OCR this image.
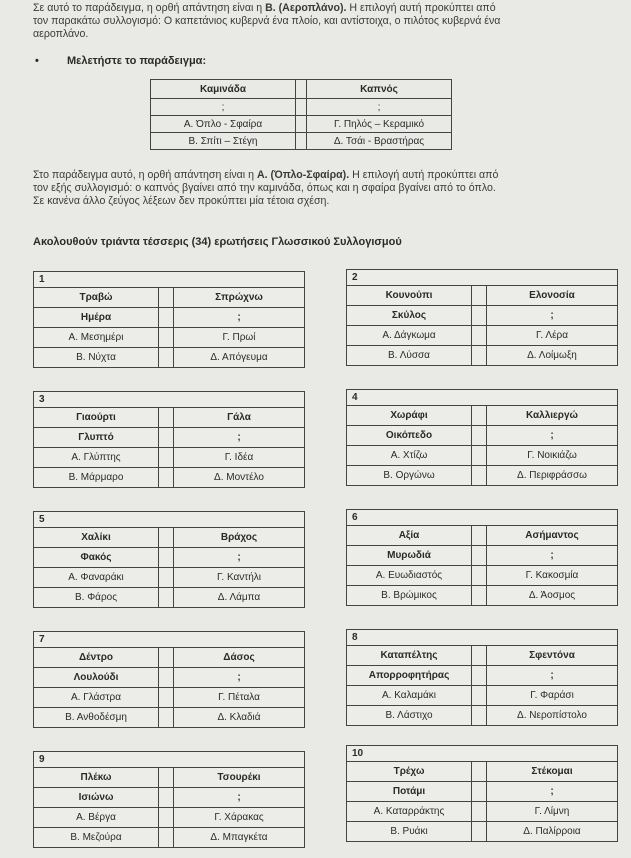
Σε αυτό το παράδειγμα, η ορθή απάντηση είναι η Β. (Αεροπλάνο). Η επιλογή αυτή προκύπτει από
τον παρακάτω συλλογισμό: Ο καπετάνιος κυβερνά ένα πλοίο, και αντίστοιχα, ο πιλότος κυβερνά ένα
αεροπλάνο.
•	Μελετήστε το παράδειγμα:
Καμινάδα		Καπνός
;		;
Α. Όπλο - Σφαίρα		Γ. Πηλός – Κεραμικό
Β. Σπίτι – Στέγη		Δ. Τσάι - Βραστήρας
Στο παράδειγμα αυτό, η ορθή απάντηση είναι η Α. (Όπλο-Σφαίρα). Η επιλογή αυτή προκύπτει από
τον εξής συλλογισμό: ο καπνός βγαίνει από την καμινάδα, όπως και η σφαίρα βγαίνει από το όπλο.
Σε κανένα άλλο ζεύγος λέξεων δεν προκύπτει μία τέτοια σχέση.
Ακολουθούν τριάντα τέσσερις (34) ερωτήσεις Γλωσσικού Συλλογισμού
1
Τραβώ		Σπρώχνω
Ημέρα		;
Α. Μεσημέρι		Γ. Πρωί
Β. Νύχτα		Δ. Απόγευμα
2
Κουνούπι		Ελονοσία
Σκύλος		;
Α. Δάγκωμα		Γ. Λέρα
Β. Λύσσα		Δ. Λοίμωξη
3
Γιαούρτι		Γάλα
Γλυπτό		;
Α. Γλύπτης		Γ. Ιδέα
Β. Μάρμαρο		Δ. Μοντέλο
4
Χωράφι		Καλλιεργώ
Οικόπεδο		;
Α. Χτίζω		Γ. Νοικιάζω
Β. Οργώνω		Δ. Περιφράσσω
5
Χαλίκι		Βράχος
Φακός		;
Α. Φαναράκι		Γ. Καντήλι
Β. Φάρος		Δ. Λάμπα
6
Αξία		Ασήμαντος
Μυρωδιά		;
Α. Ευωδιαστός		Γ. Κακοσμία
Β. Βρώμικος		Δ. Άοσμος
7
Δέντρο		Δάσος
Λουλούδι		;
Α. Γλάστρα		Γ. Πέταλα
Β. Ανθοδέσμη		Δ. Κλαδιά
8
Καταπέλτης		Σφεντόνα
Απορροφητήρας		;
Α. Καλαμάκι		Γ. Φαράσι
Β. Λάστιχο		Δ. Νεροπίστολο
9
Πλέκω		Τσουρέκι
Ισιώνω		;
Α. Βέργα		Γ. Χάρακας
Β. Μεζούρα		Δ. Μπαγκέτα
10
Τρέχω		Στέκομαι
Ποτάμι		;
Α. Καταρράκτης		Γ. Λίμνη
Β. Ρυάκι		Δ. Παλίρροια
